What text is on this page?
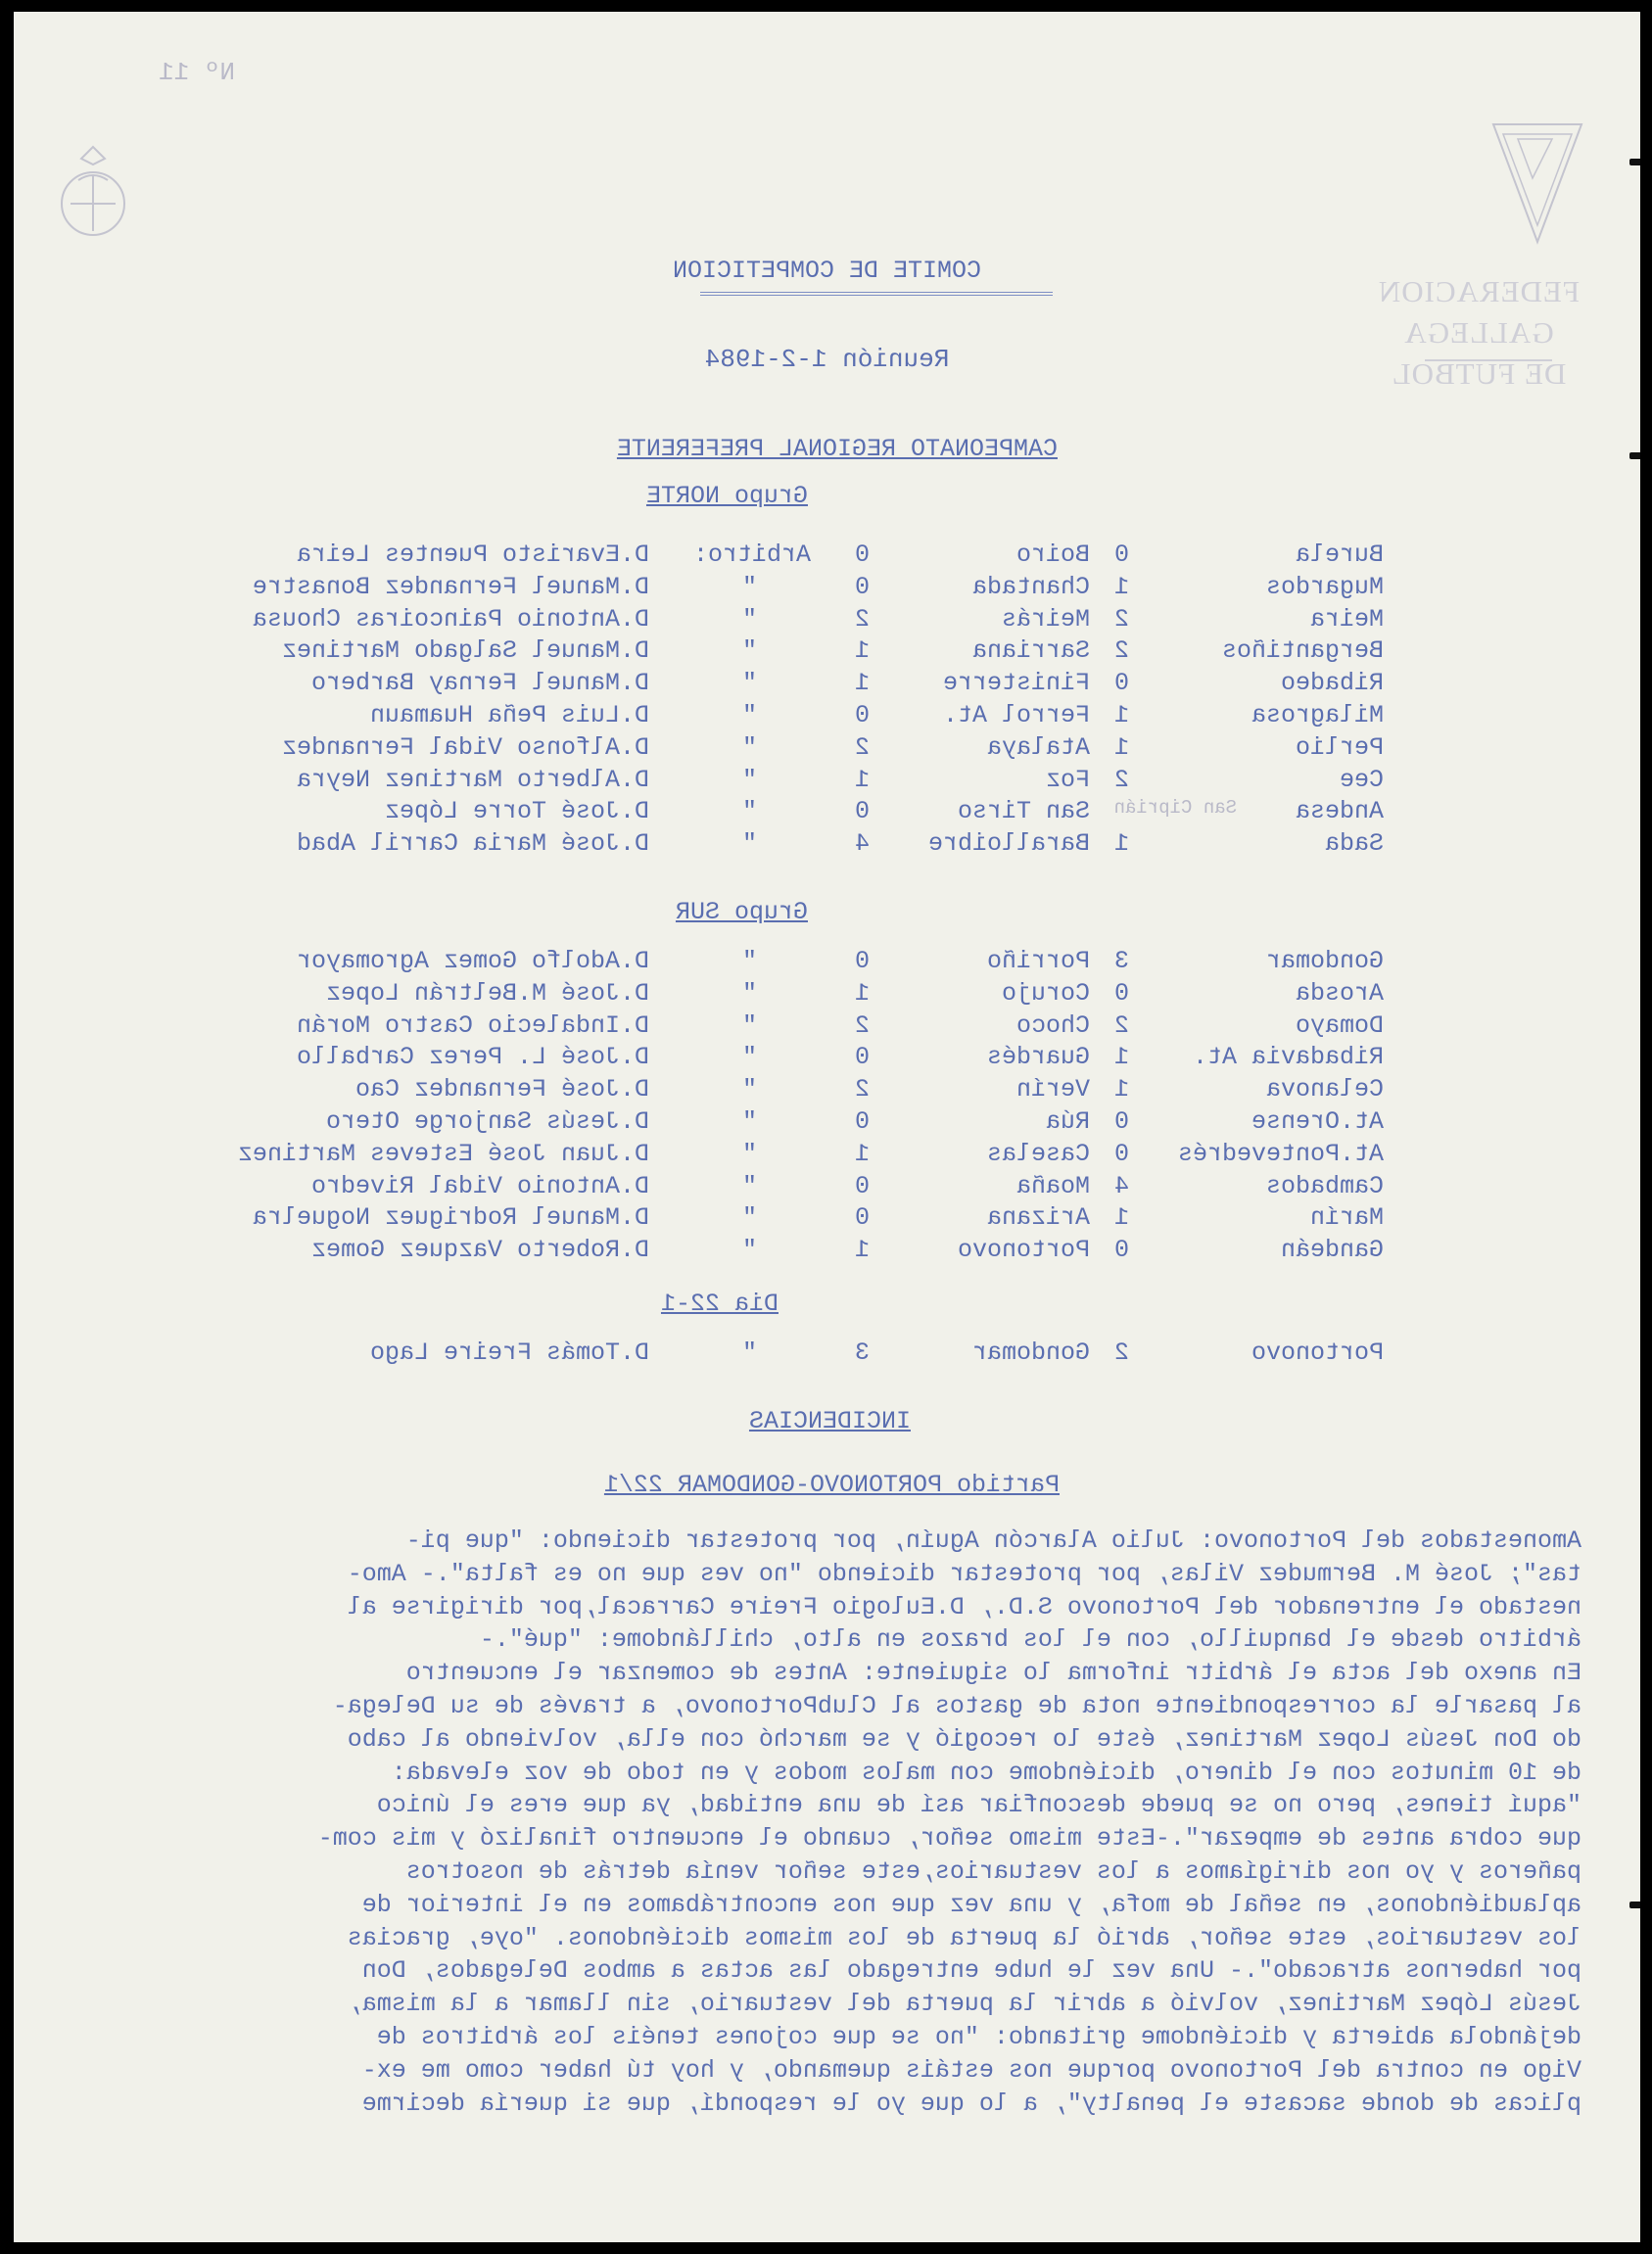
Nº 11
FEDERACION GALLEGA
DE FUTBOL
COMITE DE COMPETICION
Reunión 1-2-1984
CAMPEONATO REGIONAL PREFERENTE
Grupo NORTE
Burela
0
Boiro
0
Arbitro:
D.Evaristo Puentes Leira
Mugardos
1
Chantada
0
"
D.Manuel Fernandez Bonastre
Meira
2
Meirás
2
"
D.Antonio Paincoiras Chousa
Bergantiños
2
Sarriana
1
"
D.Manuel Salgado Martinez
Ribadeo
0
Finisterre
1
"
D.Manuel Fernay Barbero
Milagrosa
1
Ferrol At.
0
"
D.Luis Peña Huamaun
Perlio
1
Atalaya
2
"
D.Alfonso Vidal Fernandez
Cee
2
Foz
1
"
D.Alberto Martinez Neyra
Andesa
San Tirso
0
"
D.José Torre López	San Ciprián
Sada
1
Baralloibre
4
"
D.José Maria Carril Abad
Grupo SUR
Gondomar
3
Porriño
0
"
D.Adolfo Gomez Agromayor
Arosda
0
Corujo
1
"
D.José M.Beltrán Lopez
Domayo
2
Choco
2
"
D.Indalecio Castro Morán
Ribadavia At.
1
Guardés
0
"
D.José L. Perez Carballo
Celanova
1
Verín
2
"
D.José Fernandez Cao
At.Orense
0
Rúa
0
"
D.Jesús Sanjorge Otero
At.Pontevedrés
0
Caselas
1
"
D.Juan José Esteves Martinez
Cambados
4
Moaña
0
"
D.Antonio Vidal Rivedro
Marín
1
Arizana
0
"
D.Manuel Rodriguez Noguelra
Gandeán
0
Portonovo
1
"
D.Roberto Vazquez Gomez
Dia 22-1
Portonovo
2
Gondomar
3
"
D.Tomás Freire Lago
INCIDENCIAS
Partido PORTONOVO-GONDOMAR 22/1
Amonestados del Portonovo: Julio Alarcón Aguín, por protestar diciendo: "que pi-
tas"; José M. Bermudez Vilas, por protestar diciendo "no ves que no es falta".- Amo-
nestado el entrenador del Portonovo S.D., D.Eulogio Freire Carracal,por dirigirse al
árbitro desde el banquillo, con el los brazos en alto, chillándome: "qué".-
En anexo del acta el árbitr informa lo siguiente: Antes de comenzar el encuentro
al pasarle la correspondiente nota de gastos al ClubPortonovo, a través de su Delega-
do Don Jesús Lopez Martinez, éste lo recogió y se marchó con ella, volviendo al cabo
de 10 minutos con el dinero, diciéndome con malos modos y en todo de voz elevada:
"aquí tienes, pero no se puede desconfiar así de una entidad, ya que eres el único
que cobra antes de empezar".-Este mismo señor, cuando el encuentro finalizó y mis com-
pañeros y yo nos dirigíamos a los vestuarios,este señor venía detrás de nosotros
aplaudiéndonos, en señal de mofa, y una vez que nos encontrábamos en el interior de
los vestuarios, este señor, abrió la puerta de los mismos diciéndonos. "oye, gracias
por habernos atracado".- Una vez le hube entregado las actas a ambos Delegados, Don
Jesús López Martinez, volvió a abrir la puerta del vestuario, sin llamar a la misma,
dejándola abierta y diciéndome gritando: "no se que cojones tenéis los árbitros de
Vigo en contra del Portonovo porque nos estáis quemando, y hoy tú haber como me ex-
plicas de donde sacaste el penalty", a lo que yo le respondí, que si quería decirme
